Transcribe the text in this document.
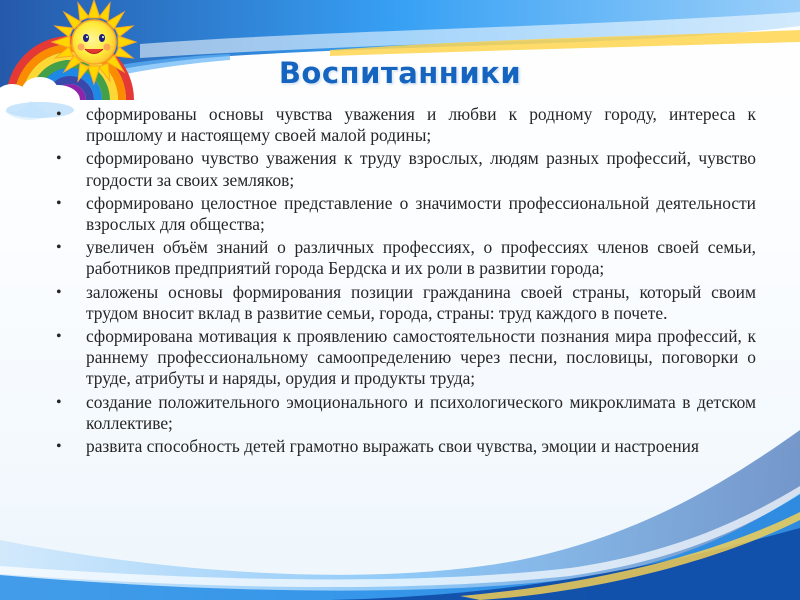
Воспитанники
• сформированы основы чувства уважения и любви к родному городу, интереса к прошлому и настоящему своей малой родины;
• сформировано чувство уважения к труду взрослых, людям разных профессий, чувство гордости за своих земляков;
• сформировано целостное представление о значимости профессиональной деятельности взрослых для общества;
• увеличен объём знаний о различных профессиях, о профессиях членов своей семьи, работников предприятий города Бердска и их роли в развитии города;
• заложены основы формирования позиции гражданина своей страны, который своим трудом вносит вклад в развитие семьи, города, страны: труд каждого в почете.
• сформирована мотивация к проявлению самостоятельности познания мира профессий, к раннему профессиональному самоопределению через песни, пословицы, поговорки о труде, атрибуты и наряды, орудия и продукты труда;
• создание положительного эмоционального и психологического микроклимата в детском коллективе;
• развита способность детей грамотно выражать свои чувства, эмоции и настроения
